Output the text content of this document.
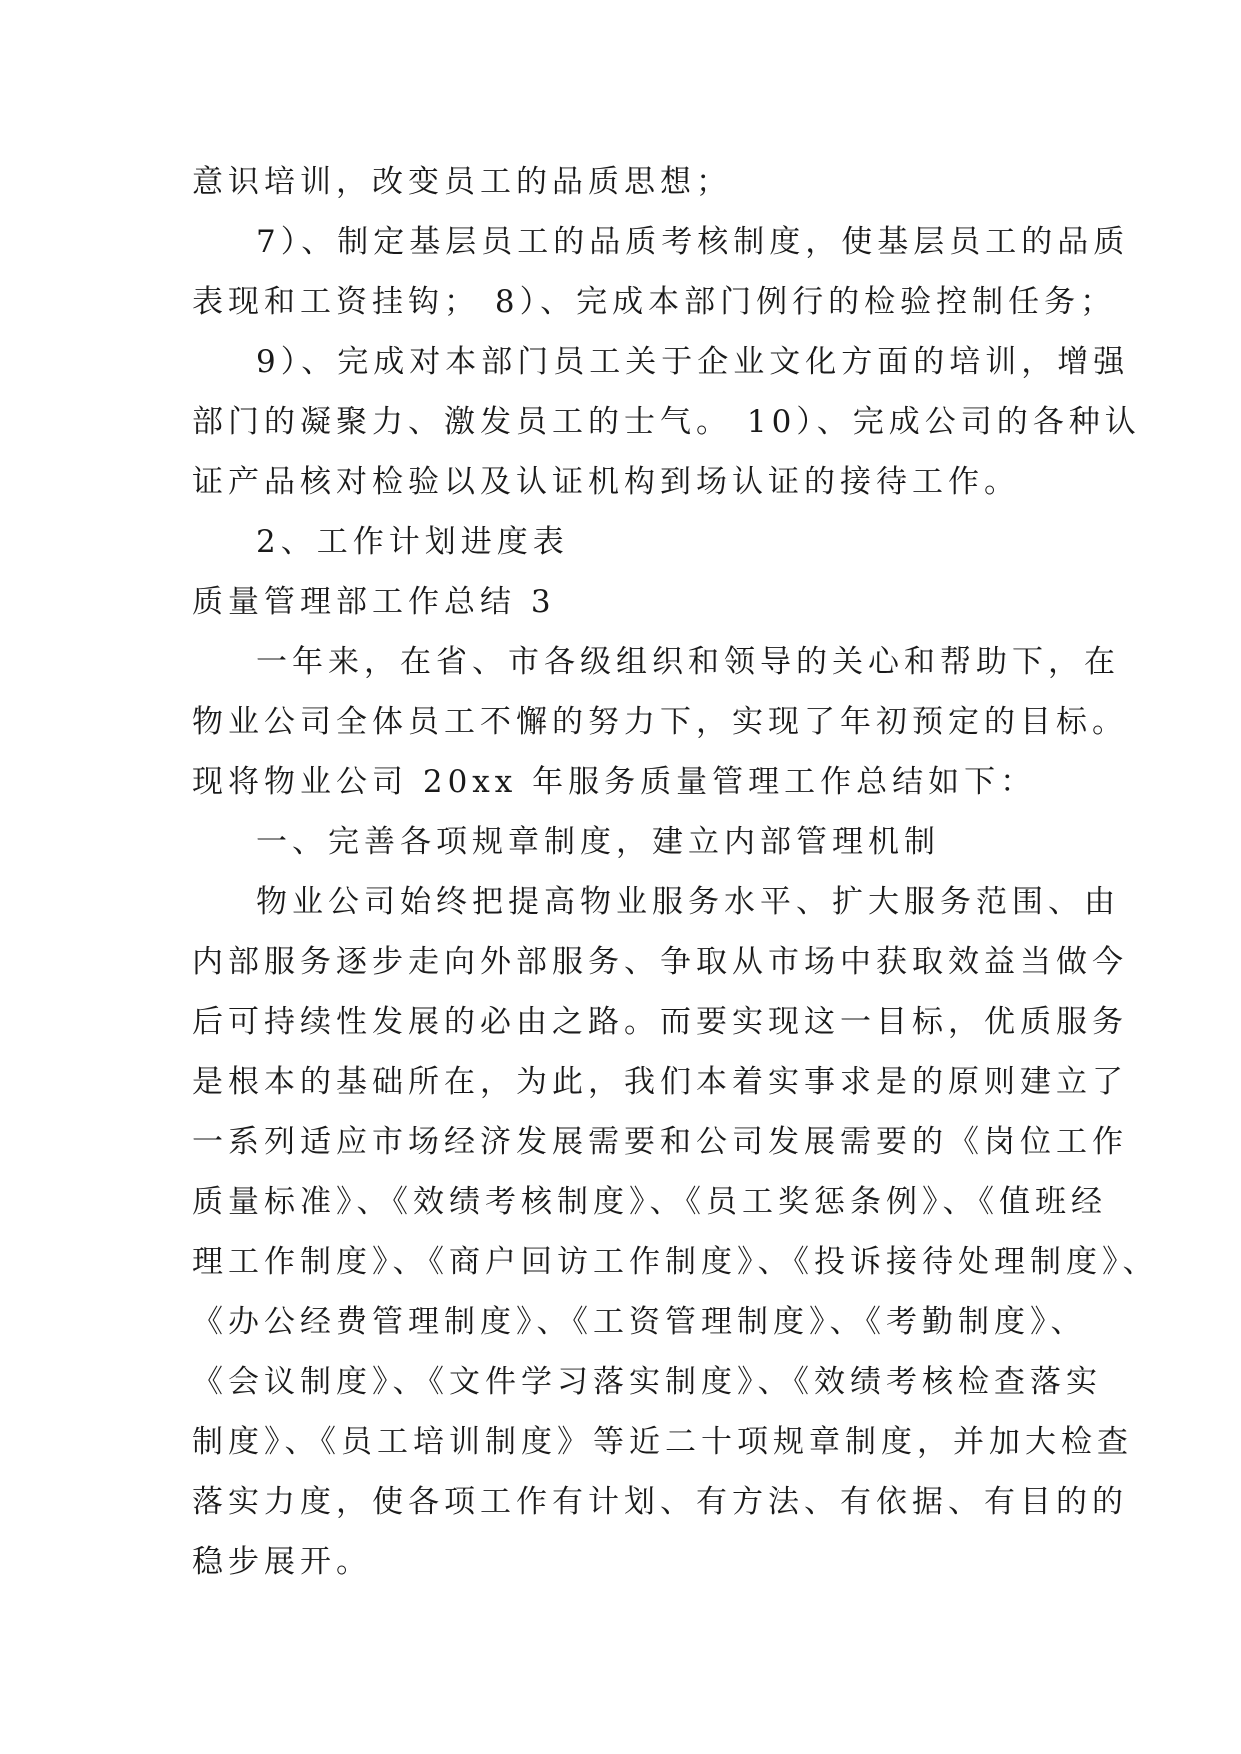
意识培训，改变员工的品质思想；
7）、制定基层员工的品质考核制度，使基层员工的品质
表现和工资挂钩； 8）、完成本部门例行的检验控制任务；
9）、完成对本部门员工关于企业文化方面的培训，增强
部门的凝聚力、激发员工的士气。 10）、完成公司的各种认
证产品核对检验以及认证机构到场认证的接待工作。
2、工作计划进度表
质量管理部工作总结 3
一年来，在省、市各级组织和领导的关心和帮助下，在
物业公司全体员工不懈的努力下，实现了年初预定的目标。
现将物业公司 20xx 年服务质量管理工作总结如下：
一、完善各项规章制度，建立内部管理机制
物业公司始终把提高物业服务水平、扩大服务范围、由
内部服务逐步走向外部服务、争取从市场中获取效益当做今
后可持续性发展的必由之路。而要实现这一目标，优质服务
是根本的基础所在，为此，我们本着实事求是的原则建立了
一系列适应市场经济发展需要和公司发展需要的《岗位工作
质量标准》、《效绩考核制度》、《员工奖惩条例》、《值班经
理工作制度》、《商户回访工作制度》、《投诉接待处理制度》、
《办公经费管理制度》、《工资管理制度》、《考勤制度》、
《会议制度》、《文件学习落实制度》、《效绩考核检查落实
制度》、《员工培训制度》等近二十项规章制度，并加大检查
落实力度，使各项工作有计划、有方法、有依据、有目的的
稳步展开。
